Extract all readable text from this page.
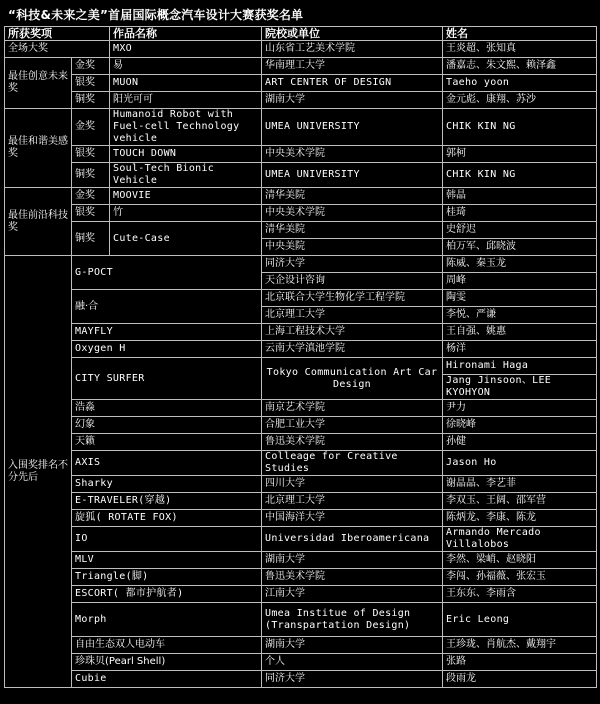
“科技&未来之美”首届国际概念汽车设计大赛获奖名单
所获奖项		作品名称	院校或单位	姓名
全场大奖		MXO	山东省工艺美术学院	王炎超、张知真
最佳创意未来奖	金奖	易	华南理工大学	潘嘉志、朱文熙、赖泽鑫
	银奖	MUON	ART CENTER OF DESIGN	Taeho yoon
	铜奖	阳光可可	湖南大学	金元彪、康翔、苏沙
最佳和谐美感奖	金奖	Humanoid Robot with Fuel-cell Technology vehicle	UMEA UNIVERSITY	CHIK KIN NG
	银奖	TOUCH DOWN	中央美术学院	郭柯
	铜奖	Soul-Tech Bionic Vehicle	UMEA UNIVERSITY	CHIK KIN NG
最佳前沿科技奖	金奖	MOOVIE	清华美院	韩晶
	银奖	竹	中央美术学院	桂琦
	铜奖	Cute-Case	清华美院	史舒迟
			中央美院	柏万军、邱晓波
入围奖排名不分先后	G-POCT		同济大学	陈威、秦玉龙
			天企设计咨询	周峰
	融·合		北京联合大学生物化学工程学院	陶雯
			北京理工大学	李悦、严谦
	MAYFLY		上海工程技术大学	王自强、姚惠
	Oxygen H		云南大学滇池学院	杨洋
	CITY SURFER		Tokyo Communication Art Car Design	Hironami Haga
				Jang Jinsoon、LEE KYOHYON
	浩淼		南京艺术学院	尹力
	幻象		合肥工业大学	徐晓峰
	天籁		鲁迅美术学院	孙健
	AXIS		Colleage for Creative Studies	Jason Ho
	Sharky		四川大学	谢晶晶、李艺菲
	E-TRAVELER(穿越)		北京理工大学	李双玉、王阔、邵军营
	旋狐( ROTATE FOX)		中国海洋大学	陈炳龙、李康、陈龙
	IO		Universidad Iberoamericana	Armando Mercado Villalobos
	MLV		湖南大学	李然、梁峭、赵晓阳
	Triangle(脚)		鲁迅美术学院	李闯、孙福薇、张宏玉
	ESCORT( 都市护航者)		江南大学	王东东、李雨含
	Morph		Umea Institue of Design (Transpartation Design)	Eric Leong

	自由生态双人电动车		湖南大学	王珍珑、肖航杰、戴翔宇
	珍珠贝(Pearl Shell)		个人	张路
	Cubie		同济大学	段雨龙
